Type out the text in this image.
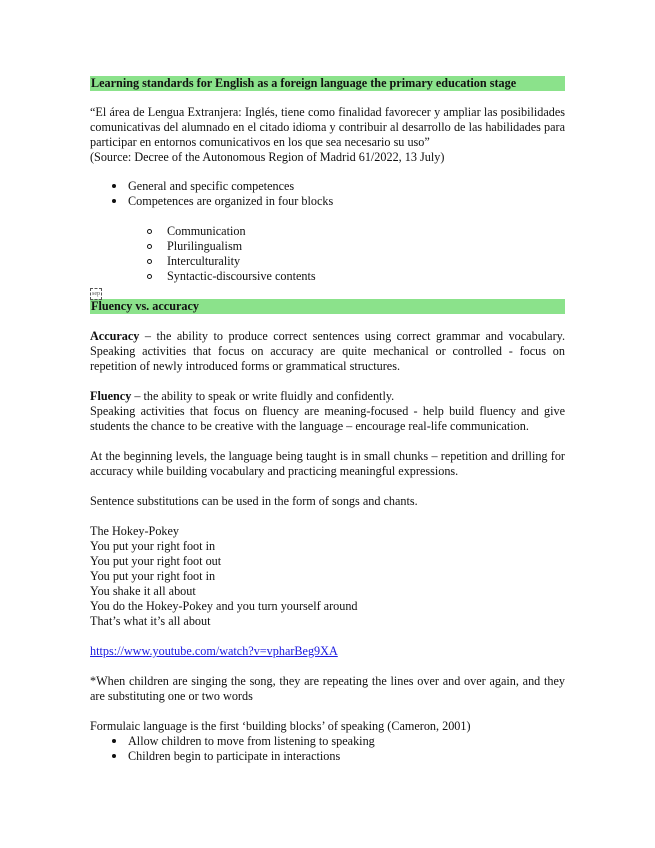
Learning standards for English as a foreign language the primary education stage

“El área de Lengua Extranjera: Inglés, tiene como finalidad favorecer y ampliar las posibilidades comunicativas del alumnado en el citado idioma y contribuir al desarrollo de las habilidades para participar en entornos comunicativos en los que sea necesario su uso”

(Source: Decree of the Autonomous Region of Madrid 61/2022, 13 July)

General and specific competences
Competences are organized in four blocks
Communication
Plurilingualism
Interculturality
Syntactic-discoursive contents
sep
Fluency vs. accuracy

Accuracy – the ability to produce correct sentences using correct grammar and vocabulary. Speaking activities that focus on accuracy are quite mechanical or controlled - focus on repetition of newly introduced forms or grammatical structures.

Fluency – the ability to speak or write fluidly and confidently.

Speaking activities that focus on fluency are meaning-focused - help build fluency and give students the chance to be creative with the language – encourage real-life communication.

At the beginning levels, the language being taught is in small chunks – repetition and drilling for accuracy while building vocabulary and practicing meaningful expressions.

Sentence substitutions can be used in the form of songs and chants.

The Hokey-Pokey

You put your right foot in

You put your right foot out

You put your right foot in

You shake it all about

You do the Hokey-Pokey and you turn yourself around

That’s what it’s all about

https://www.youtube.com/watch?v=vpharBeg9XA

*When children are singing the song, they are repeating the lines over and over again, and they are substituting one or two words

Formulaic language is the first ‘building blocks’ of speaking (Cameron, 2001)

Allow children to move from listening to speaking
Children begin to participate in interactions
